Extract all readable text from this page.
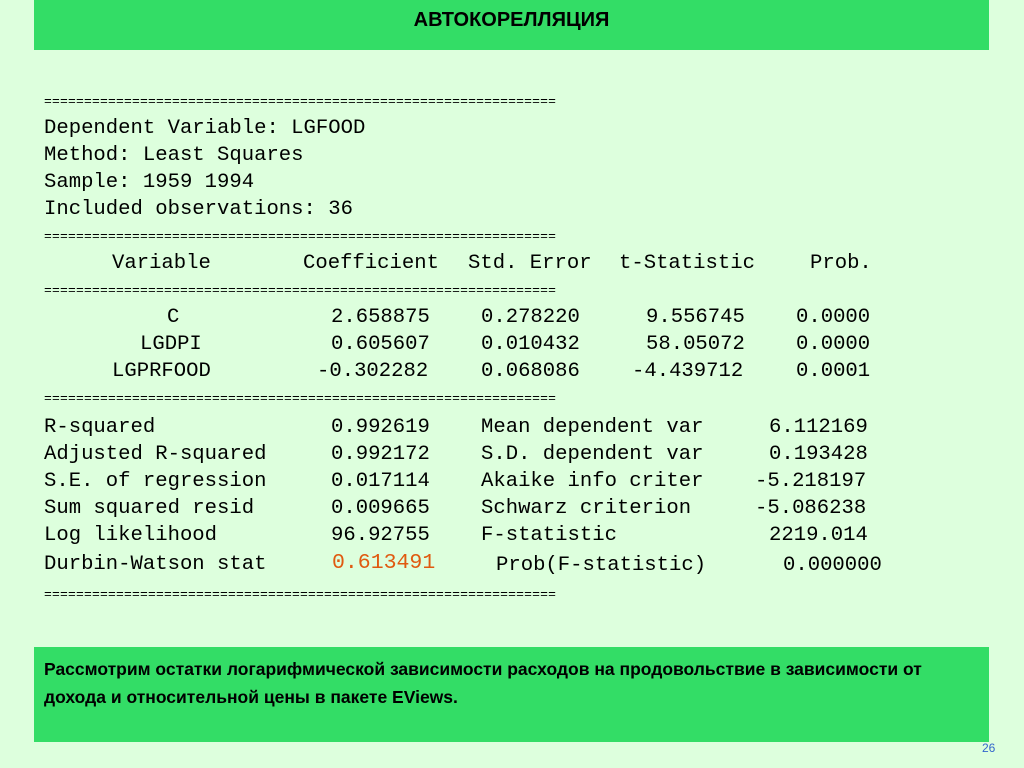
АВТОКОРЕЛЛЯЦИЯ
================================================================
Dependent Variable: LGFOOD
Method: Least Squares
Sample: 1959 1994
Included observations: 36
================================================================
Variable	Coefficient Std. Error t-Statistic	Prob.
================================================================
C	2.658875 0.278220	9.556745 0.0000
LGDPI	0.605607 0.010432	58.05072 0.0000
LGPRFOOD	-0.302282	0.068086	-4.439712	0.0001
================================================================
R-squared	0.992619 Mean dependent var	6.112169
Adjusted R-squared	0.992172 S.D. dependent var	0.193428
S.E. of regression	0.017114 Akaike info criter	-5.218197
Sum squared resid	0.009665 Schwarz criterion	-5.086238
Log likelihood	96.92755 F-statistic	2219.014
Durbin-Watson stat	0.613491	Prob(F-statistic)	0.000000
================================================================

Рассмотрим остатки логарифмической зависимости расходов на продовольствие в зависимости от дохода и относительной цены в пакете EViews.

26
